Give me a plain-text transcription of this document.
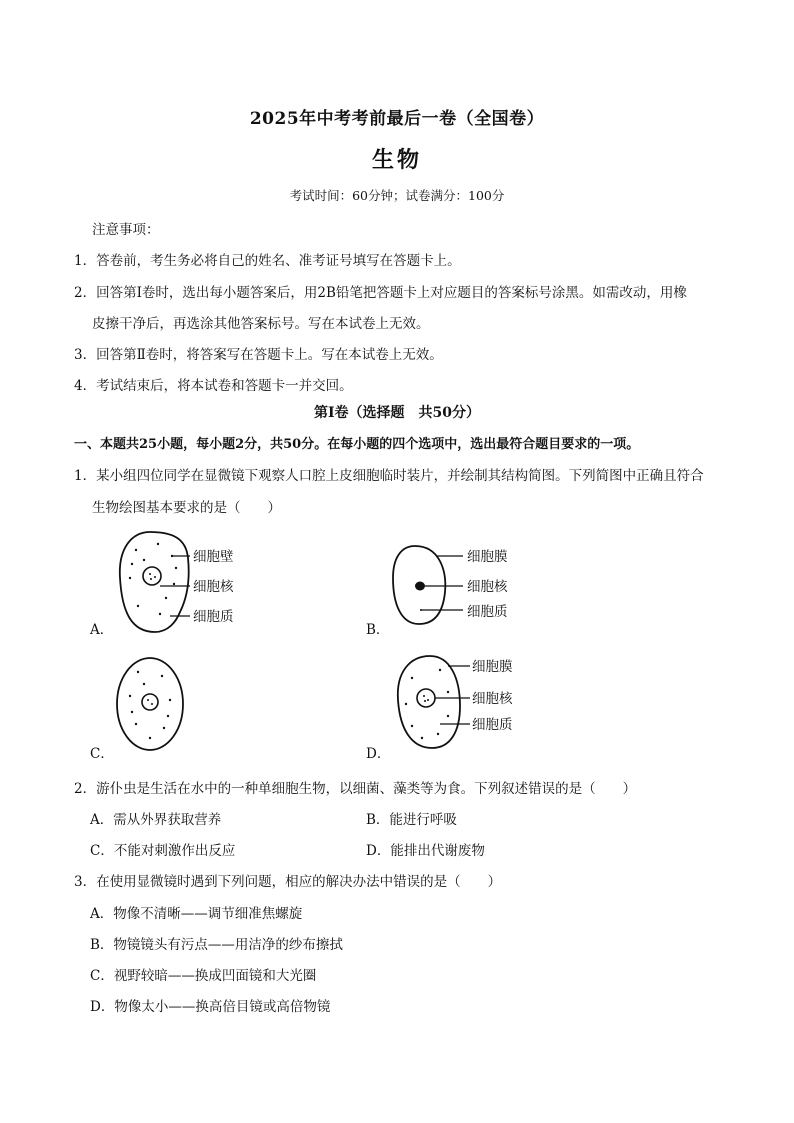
2025年中考考前最后一卷（全国卷）
生物
考试时间：60分钟；试卷满分：100分
注意事项：
1．答卷前，考生务必将自己的姓名、准考证号填写在答题卡上。
2．回答第Ⅰ卷时，选出每小题答案后，用2B铅笔把答题卡上对应题目的答案标号涂黑。如需改动，用橡
皮擦干净后，再选涂其他答案标号。写在本试卷上无效。
3．回答第Ⅱ卷时，将答案写在答题卡上。写在本试卷上无效。
4．考试结束后，将本试卷和答题卡一并交回。
第Ⅰ卷（选择题　共50分）
一、本题共25小题，每小题2分，共50分。在每小题的四个选项中，选出最符合题目要求的一项。
1．某小组四位同学在显微镜下观察人口腔上皮细胞临时装片，并绘制其结构简图。下列简图中正确且符合
生物绘图基本要求的是（　　）
细胞壁
细胞核
细胞质
A．
细胞膜
细胞核
细胞质
B．
C．
细胞膜
细胞核
细胞质
D．
2．游仆虫是生活在水中的一种单细胞生物，以细菌、藻类等为食。下列叙述错误的是（　　）
A．需从外界获取营养	B．能进行呼吸
C．不能对刺激作出反应	D．能排出代谢废物
3．在使用显微镜时遇到下列问题，相应的解决办法中错误的是（　　）
A．物像不清晰——调节细准焦螺旋
B．物镜镜头有污点——用洁净的纱布擦拭
C．视野较暗——换成凹面镜和大光圈
D．物像太小——换高倍目镜或高倍物镜
